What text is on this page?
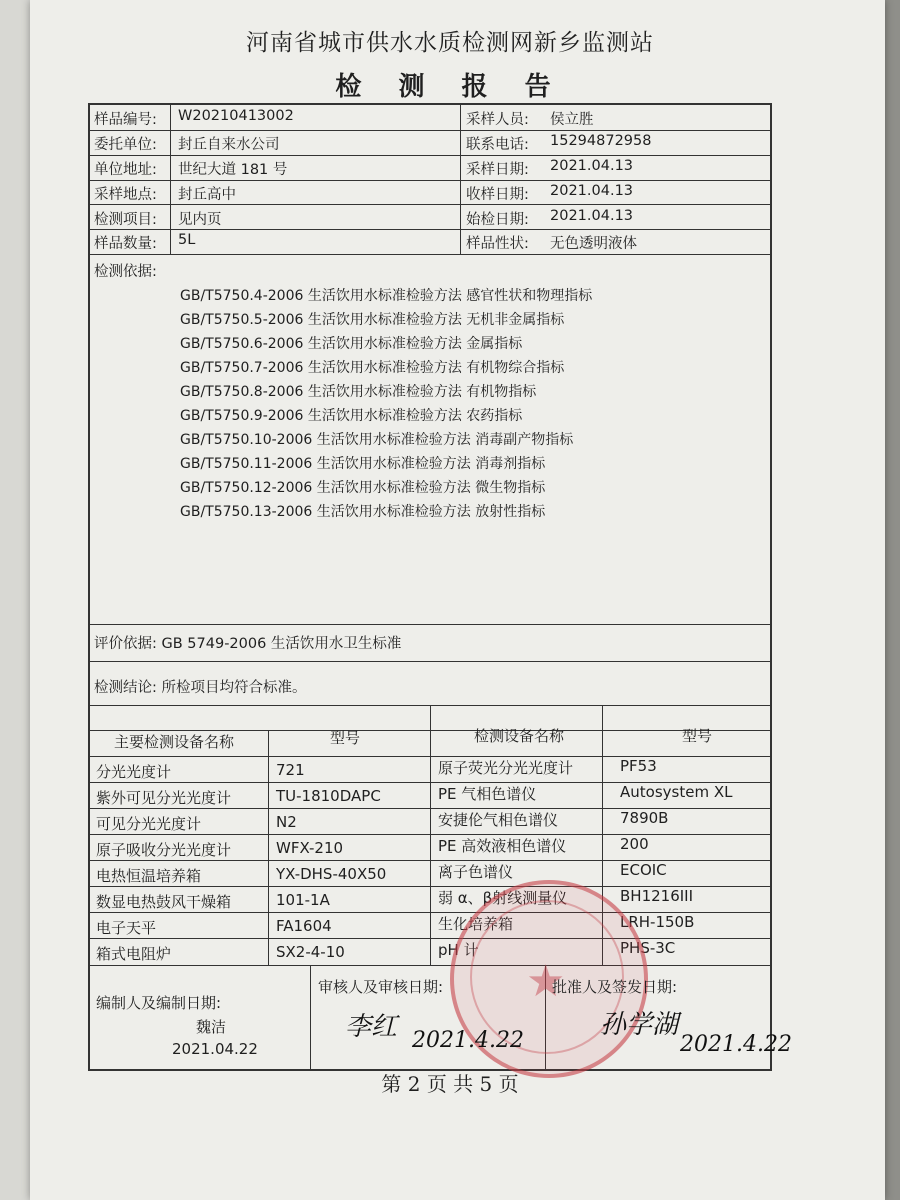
河南省城市供水水质检测网新乡监测站
检 测 报 告
样品编号: W20210413002	采样人员: 侯立胜
委托单位: 封丘自来水公司	联系电话: 15294872958
单位地址: 世纪大道 181 号	采样日期: 2021.04.13
采样地点: 封丘高中	收样日期: 2021.04.13
检测项目: 见内页	始检日期: 2021.04.13
样品数量: 5L	样品性状: 无色透明液体
检测依据:
GB/T5750.4-2006 生活饮用水标准检验方法 感官性状和物理指标
GB/T5750.5-2006 生活饮用水标准检验方法 无机非金属指标
GB/T5750.6-2006 生活饮用水标准检验方法 金属指标
GB/T5750.7-2006 生活饮用水标准检验方法 有机物综合指标
GB/T5750.8-2006 生活饮用水标准检验方法 有机物指标
GB/T5750.9-2006 生活饮用水标准检验方法 农药指标
GB/T5750.10-2006 生活饮用水标准检验方法 消毒副产物指标
GB/T5750.11-2006 生活饮用水标准检验方法 消毒剂指标
GB/T5750.12-2006 生活饮用水标准检验方法 微生物指标
GB/T5750.13-2006 生活饮用水标准检验方法 放射性指标
评价依据: GB 5749-2006 生活饮用水卫生标准
检测结论: 所检项目均符合标准。
主要检测设备名称	型号	检测设备名称	型号
分光光度计	721	原子荧光分光光度计	PF53
紫外可见分光光度计	TU-1810DAPC	PE 气相色谱仪	Autosystem XL
可见分光光度计	N2	安捷伦气相色谱仪	7890B
原子吸收分光光度计	WFX-210	PE 高效液相色谱仪	200
电热恒温培养箱	YX-DHS-40X50	离子色谱仪	ECOIC
数显电热鼓风干燥箱	101-1A	弱 α、β射线测量仪	BH1216III
电子天平	FA1604	生化培养箱	LRH-150B
箱式电阻炉	SX2-4-10	pH 计	PHS-3C
★
编制人及编制日期:
魏洁
2021.04.22
审核人及审核日期:
李红 2021.4.22
批准人及签发日期:
孙学湖
2021.4.22
第 2 页 共 5 页
